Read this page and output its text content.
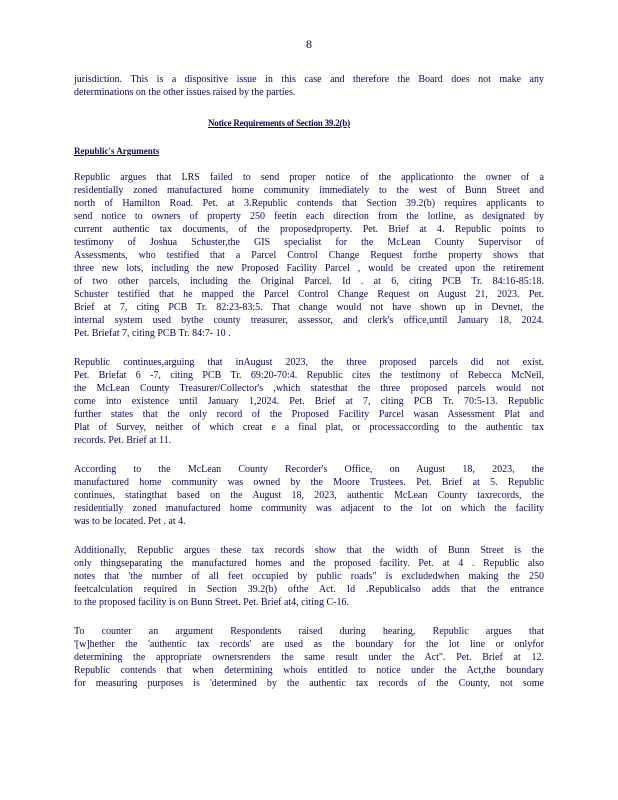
8
jurisdiction. This is a dispositive issue in this case and therefore the Board does not make any
determinations on the other issues raised by the parties.
Notice Requirements of Section 39.2(b)
Republic's Arguments
Republic argues that LRS failed to send proper notice of the applicationto the owner of a
residentially zoned manufactured home community immediately to the west of Bunn Street and
north of Hamilton Road. Pet. at 3.Republic contends that Section 39.2(b) requires applicants to
send notice to owners of property 250 feetin each direction from the lotline, as designated by
current authentic tax documents, of the proposedproperty. Pet. Brief at 4. Republic points to
testimony of Joshua Schuster,the GIS specialist for the McLean County Supervisor of
Assessments, who testified that a Parcel Control Change Request forthe property shows that
three new lots, including the new Proposed Facility Parcel , would be created upon the retirement
of two other parcels, including the Original Parcel. Id . at 6, citing PCB Tr. 84:16-85:18.
Schuster testified that he mapped the Parcel Control Change Request on August 21, 2023. Pet.
Brief at 7, citing PCB Tr. 82:23-83:5. That change would not have shown up in Devnet, the
internal system used bythe county treasurer, assessor, and clerk's office,until January 18, 2024.
Pet. Briefat 7, citing PCB Tr. 84:7- 10 .
Republic continues,arguing that inAugust 2023, the three proposed parcels did not exist.
Pet. Briefat 6 -7, citing PCB Tr. 69:20-70:4. Republic cites the testimony of Rebecca McNeil,
the McLean County Treasurer/Collector's ,which statesthat the three proposed parcels would not
come into existence until January 1,2024. Pet. Brief at 7, citing PCB Tr. 70:5-13. Republic
further states that the only record of the Proposed Facility Parcel wasan Assessment Plat and
Plat of Survey, neither of which creat e a final plat, or processaccording to the authentic tax
records. Pet. Brief at 11.
According to the McLean County Recorder's Office, on August 18, 2023, the
manufactured home community was owned by the Moore Trustees. Pet. Brief at 5. Republic
continues, statingthat based on the August 18, 2023, authentic McLean County taxrecords, the
residentially zoned manufactured home community was adjacent to the lot on which the facility
was to be located. Pet . at 4.
Additionally, Republic argues these tax records show that the width of Bunn Street is the
only thingseparating the manufactured homes and the proposed facility. Pet. at 4 . Republic also
notes that 'the number of all feet occupied by public roads" is excludedwhen making the 250
feetcalculation required in Section 39.2(b) ofthe Act. Id .Republicalso adds that the entrance
to the proposed facility is on Bunn Street. Pet. Brief at4, citing C-16.
To counter an argument Respondents raised during hearing, Republic argues that
'[w]hether the 'authentic tax records' are used as the boundary for the lot line or onlyfor
determining the appropriate ownersrenders the same result under the Act". Pet. Brief at 12.
Republic contends that when determining whois entitled to notice under the Act,the boundary
for measuring purposes is 'determined by the authentic tax records of the County, not some
